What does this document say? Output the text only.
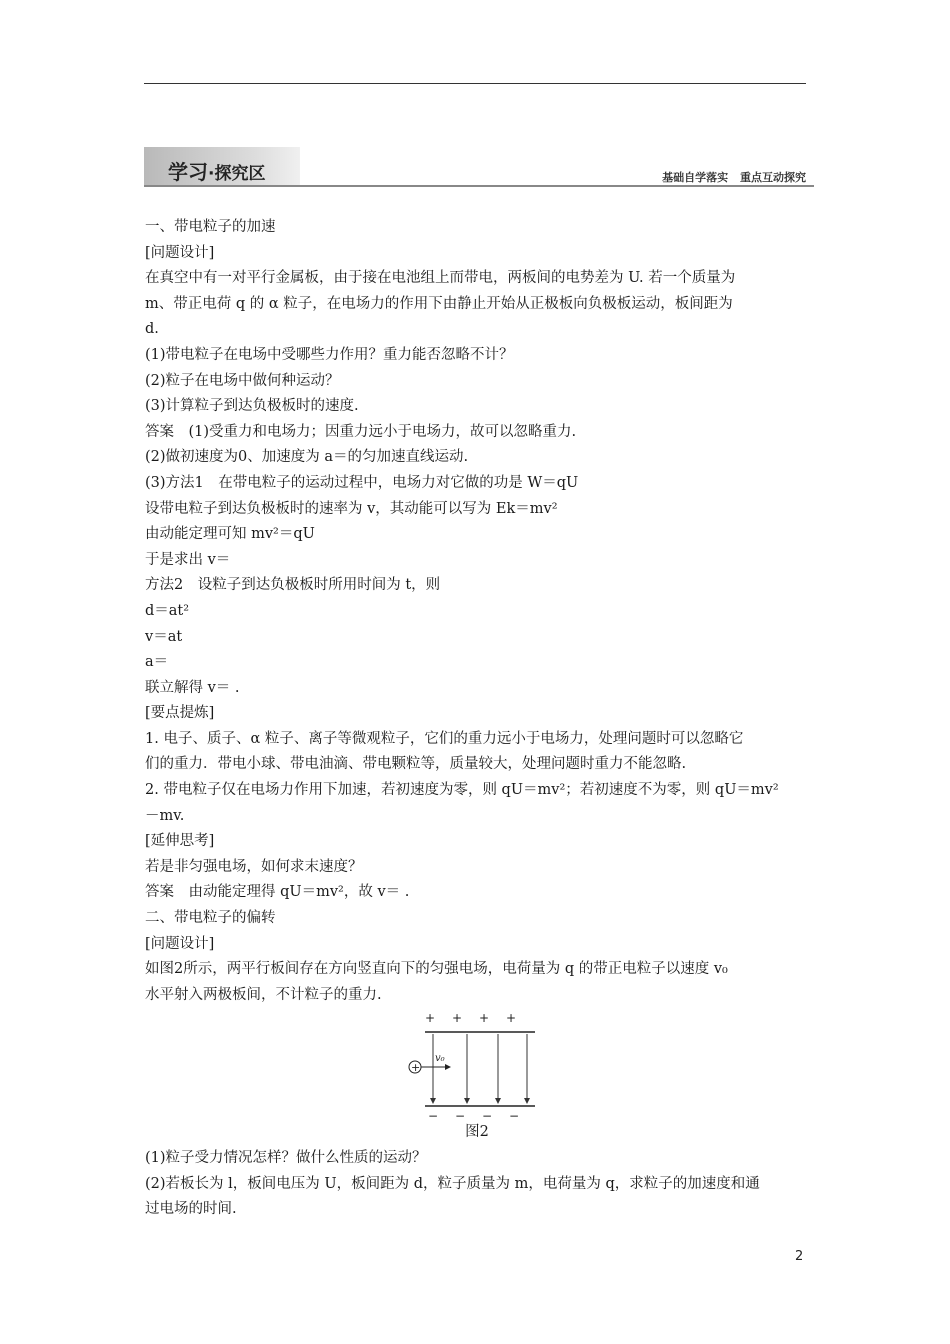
学习·探究区	基础自学落实 重点互动探究
一、带电粒子的加速
[问题设计]
在真空中有一对平行金属板，由于接在电池组上而带电，两板间的电势差为 U. 若一个质量为
m、带正电荷 q 的 α 粒子，在电场力的作用下由静止开始从正极板向负极板运动，板间距为
d.
(1)带电粒子在电场中受哪些力作用？重力能否忽略不计？
(2)粒子在电场中做何种运动？
(3)计算粒子到达负极板时的速度.
答案　(1)受重力和电场力；因重力远小于电场力，故可以忽略重力.
(2)做初速度为0、加速度为 a＝的匀加速直线运动.
(3)方法1　在带电粒子的运动过程中，电场力对它做的功是 W＝qU
设带电粒子到达负极板时的速率为 v，其动能可以写为 Ek＝mv²
由动能定理可知 mv²＝qU
于是求出 v＝
方法2　设粒子到达负极板时所用时间为 t，则
d＝at²
v＝at
a＝
联立解得 v＝ .
[要点提炼]
1. 电子、质子、α 粒子、离子等微观粒子，它们的重力远小于电场力，处理问题时可以忽略它
们的重力．带电小球、带电油滴、带电颗粒等，质量较大，处理问题时重力不能忽略.
2. 带电粒子仅在电场力作用下加速，若初速度为零，则 qU＝mv²；若初速度不为零，则 qU＝mv²
－mv.
[延伸思考]
若是非匀强电场，如何求末速度？
答案　由动能定理得 qU＝mv²，故 v＝ .
二、带电粒子的偏转
[问题设计]
如图2所示，两平行板间存在方向竖直向下的匀强电场，电荷量为 q 的带正电粒子以速度 v₀
水平射入两极板间，不计粒子的重力.
+ + + +
+
v₀
− − − −
图2
(1)粒子受力情况怎样？做什么性质的运动？
(2)若板长为 l，板间电压为 U，板间距为 d，粒子质量为 m，电荷量为 q，求粒子的加速度和通
过电场的时间.
2
